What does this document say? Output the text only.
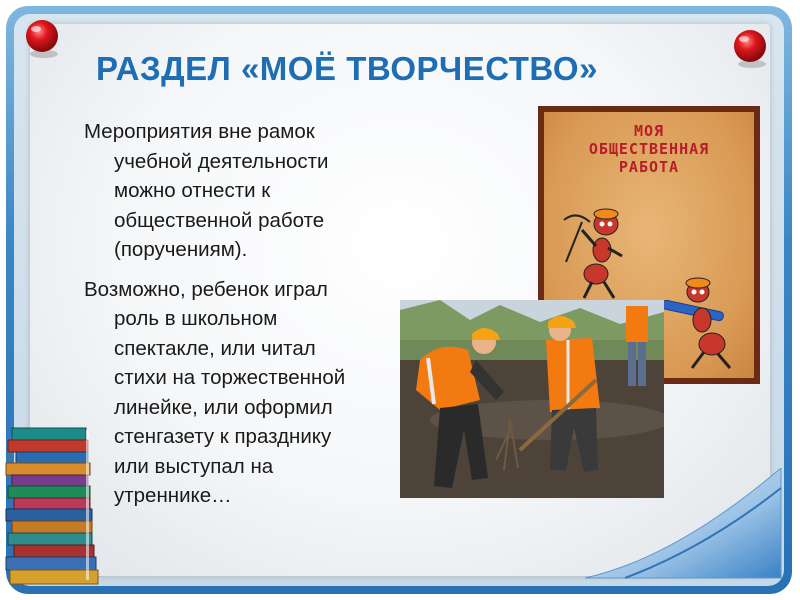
РАЗДЕЛ «МОЁ ТВОРЧЕСТВО»
Мероприятия вне рамок
учебной деятельности
можно отнести к
общественной работе
(поручениям).
Возможно, ребенок играл
роль в школьном
спектакле, или читал
стихи на торжественной
линейке, или оформил
стенгазету к празднику
или выступал на
утреннике…
МОЯ
ОБЩЕСТВЕННАЯ
РАБОТА
